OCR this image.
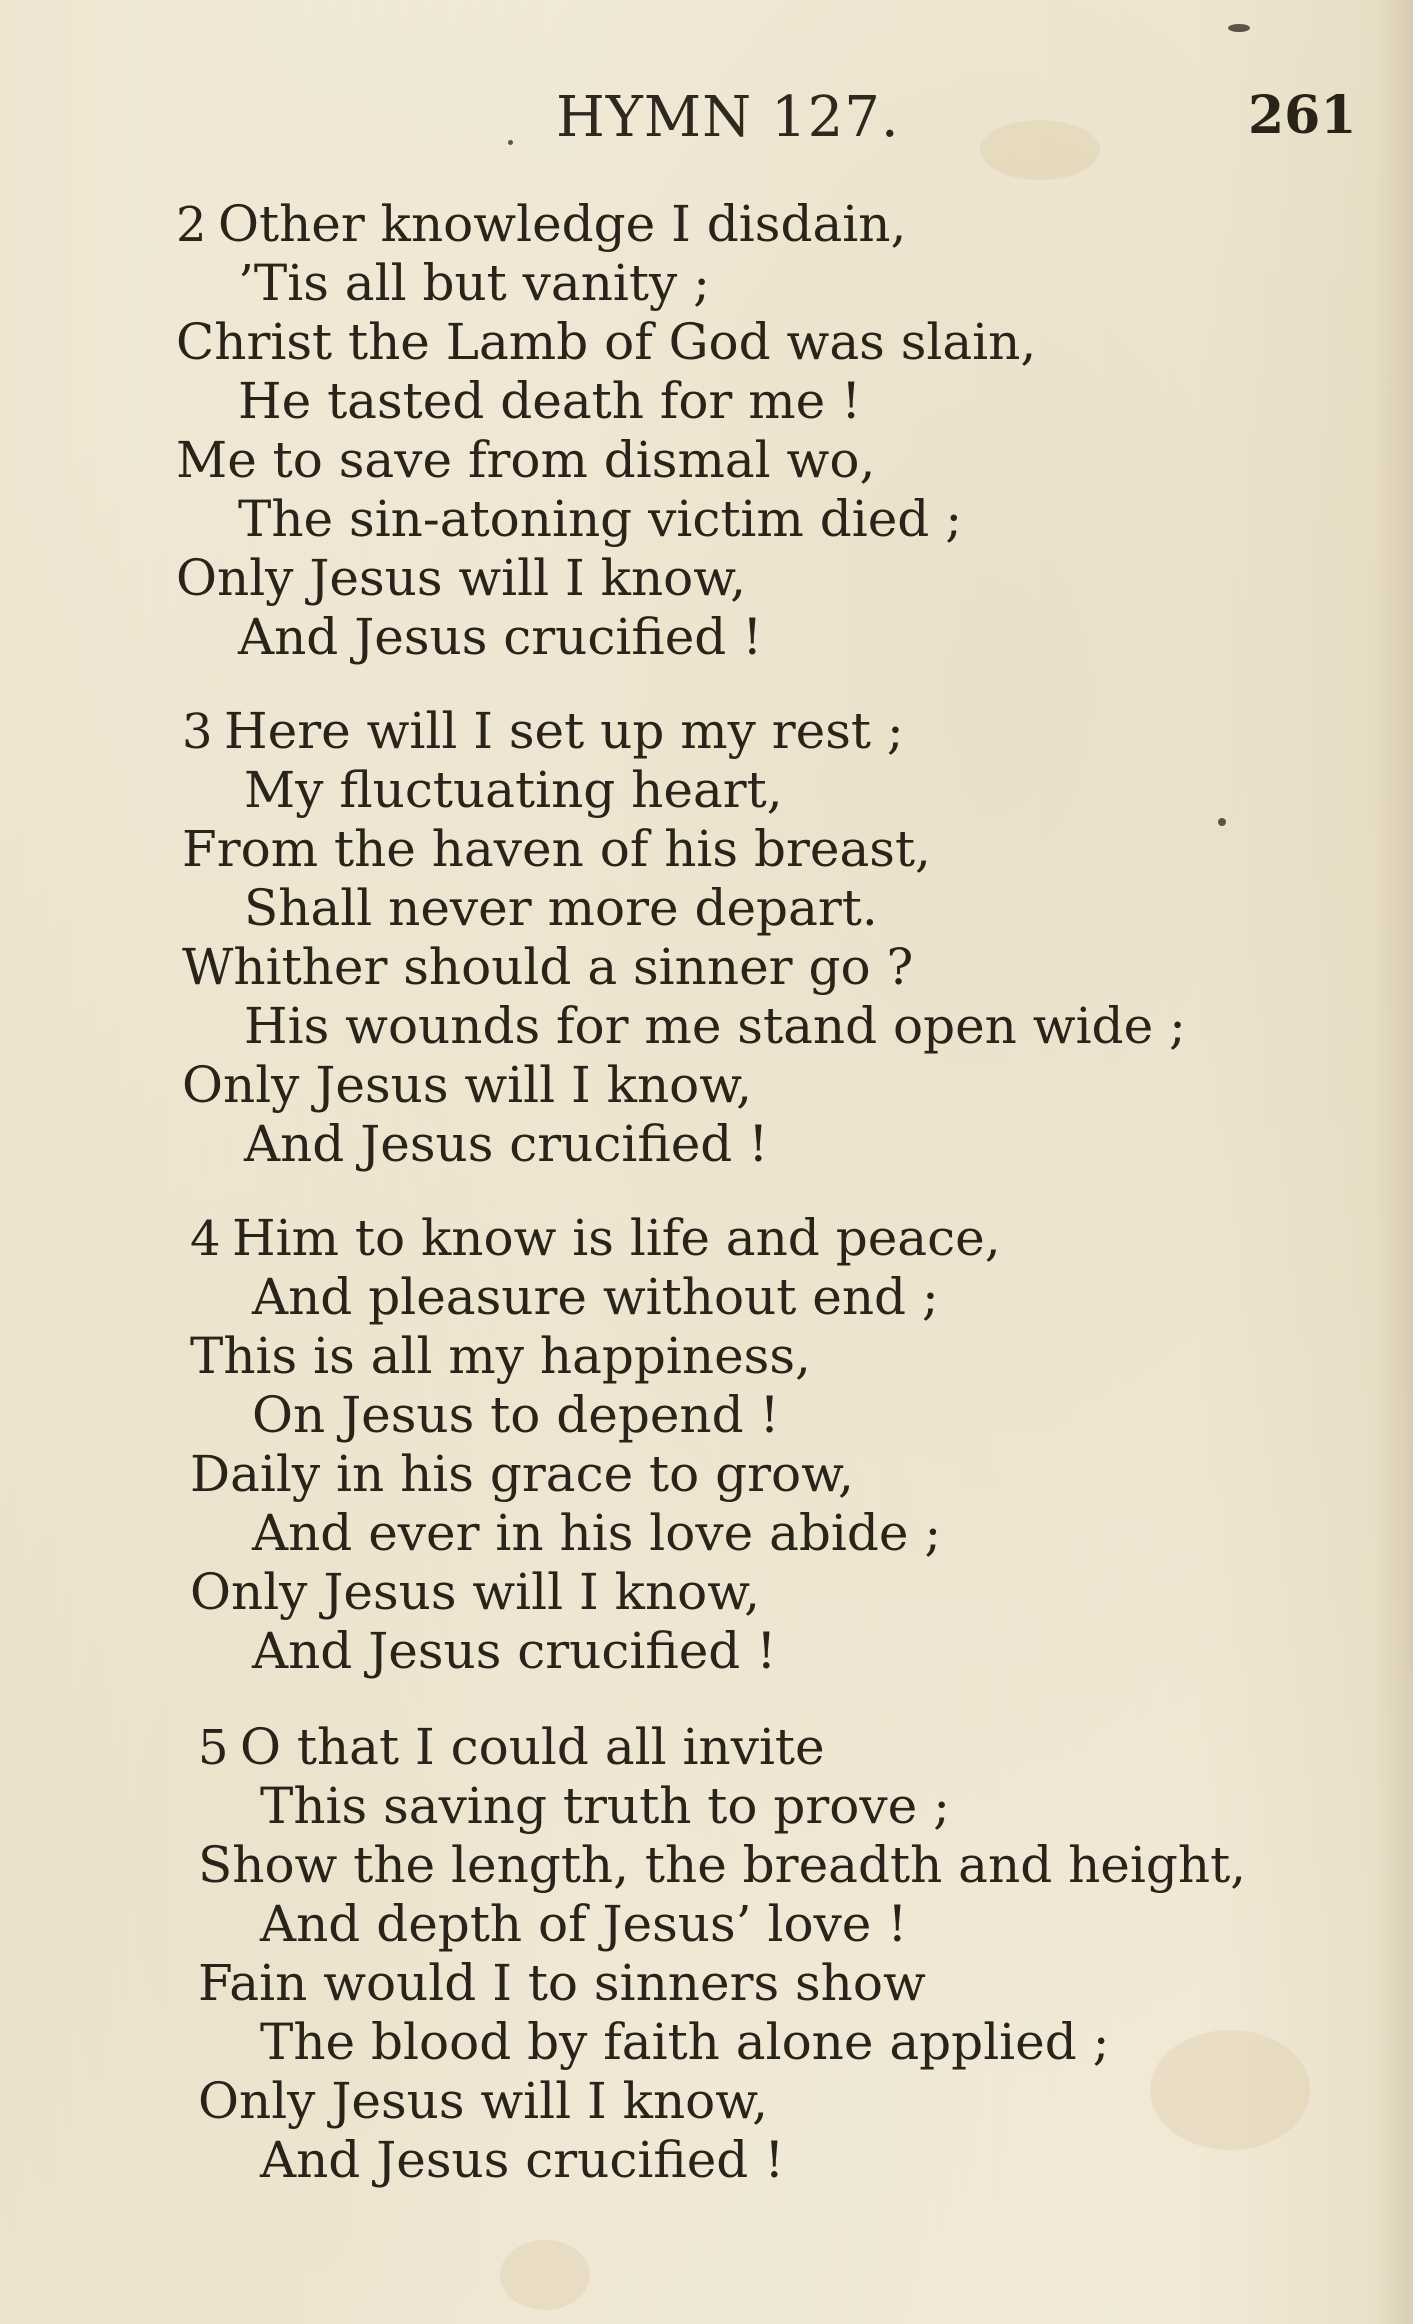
HYMN 127.	261
2 Other knowledge I disdain,
’Tis all but vanity ;
Christ the Lamb of God was slain,
He tasted death for me !
Me to save from dismal wo,
The sin-atoning victim died ;
Only Jesus will I know,
And Jesus crucified !
3 Here will I set up my rest ;
My fluctuating heart,
From the haven of his breast,
Shall never more depart.
Whither should a sinner go ?
His wounds for me stand open wide ;
Only Jesus will I know,
And Jesus crucified !
4 Him to know is life and peace,
And pleasure without end ;
This is all my happiness,
On Jesus to depend !
Daily in his grace to grow,
And ever in his love abide ;
Only Jesus will I know,
And Jesus crucified !
5 O that I could all invite
This saving truth to prove ;
Show the length, the breadth and height,
And depth of Jesus’ love !
Fain would I to sinners show
The blood by faith alone applied ;
Only Jesus will I know,
And Jesus crucified !
